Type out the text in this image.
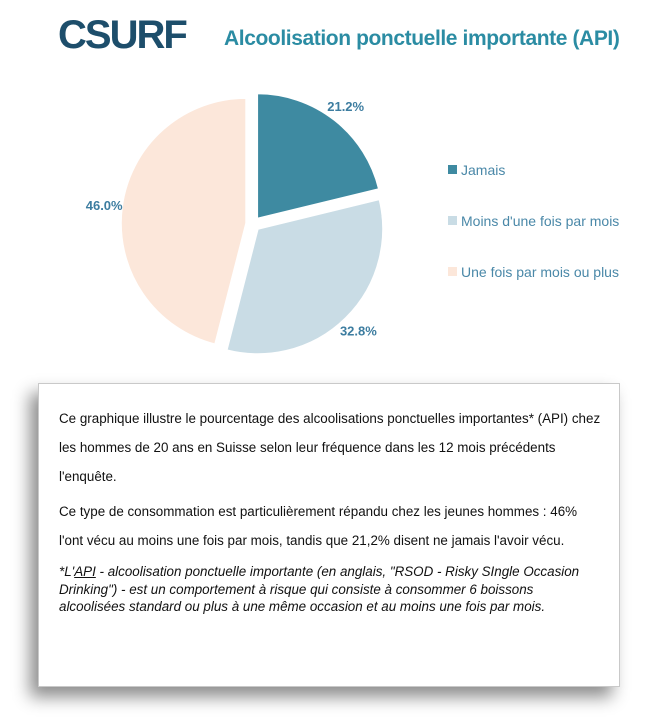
CSURF Alcoolisation ponctuelle importante (API)
21.2%
32.8%
46.0%
Jamais
Moins d'une fois par mois
Une fois par mois ou plus

Ce graphique illustre le pourcentage des alcoolisations ponctuelles importantes* (API) chez les hommes de 20 ans en Suisse selon leur fréquence dans les 12 mois précédents l'enquête.

Ce type de consommation est particulièrement répandu chez les jeunes hommes : 46% l'ont vécu au moins une fois par mois, tandis que 21,2% disent ne jamais l'avoir vécu.

*L'API - alcoolisation ponctuelle importante (en anglais, "RSOD - Risky SIngle Occasion Drinking") - est un comportement à risque qui consiste à consommer 6 boissons alcoolisées standard ou plus à une même occasion et au moins une fois par mois.
